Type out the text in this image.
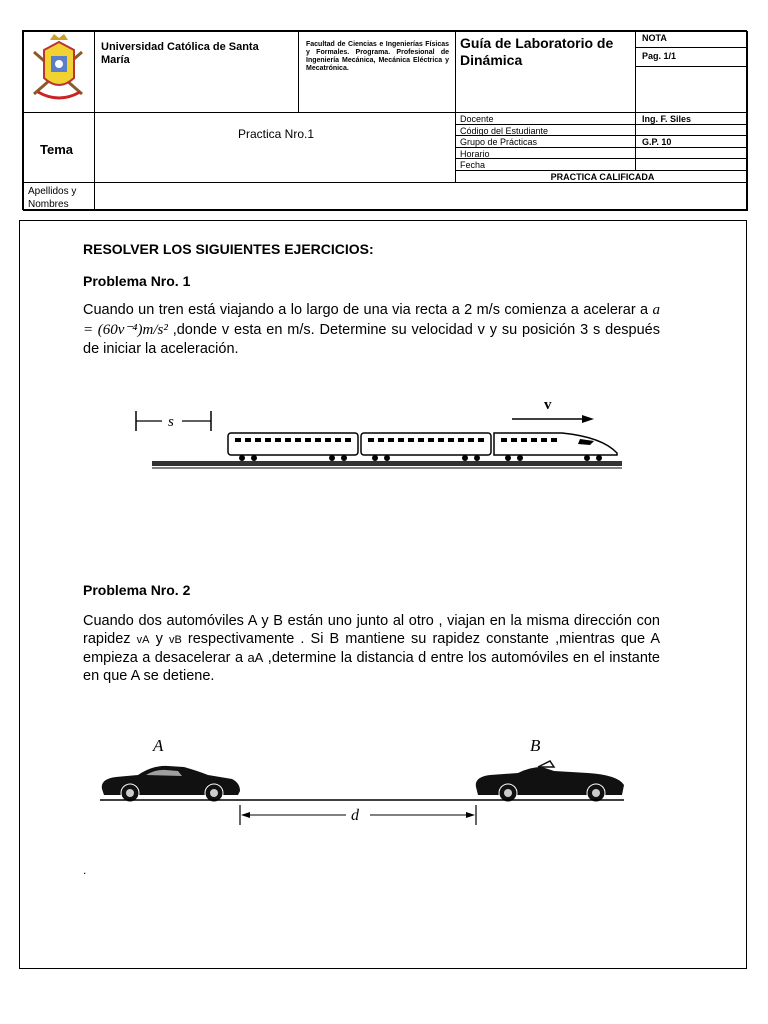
Universidad Católica de Santa María
Facultad de Ciencias e Ingenierías Físicas y Formales. Programa. Profesional de Ingeniería Mecánica, Mecánica Eléctrica y Mecatrónica.
Guía de Laboratorio de Dinámica
NOTA
Pag. 1/1
Tema
Practica Nro.1
Docente	Ing. F. Siles
Código del Estudiante
Grupo de Prácticas	G.P. 10
Horario
Fecha
PRACTICA CALIFICADA
Apellidos y Nombres
RESOLVER LOS SIGUIENTES EJERCICIOS:
Problema Nro. 1
Cuando un tren está viajando a lo largo de una via recta a 2 m/s comienza a acelerar a a = (60v⁻⁴)m/s² ,donde v esta en m/s. Determine su velocidad v y su posición 3 s después de iniciar la aceleración.
s
v
Problema Nro. 2
Cuando dos automóviles A y B están uno junto al otro , viajan en la misma dirección con rapidez vA y vB respectivamente . Si B mantiene su rapidez constante ,mientras que A empieza a desacelerar a aA ,determine la distancia d entre los automóviles en el instante en que A se detiene.
A	B
d
.
